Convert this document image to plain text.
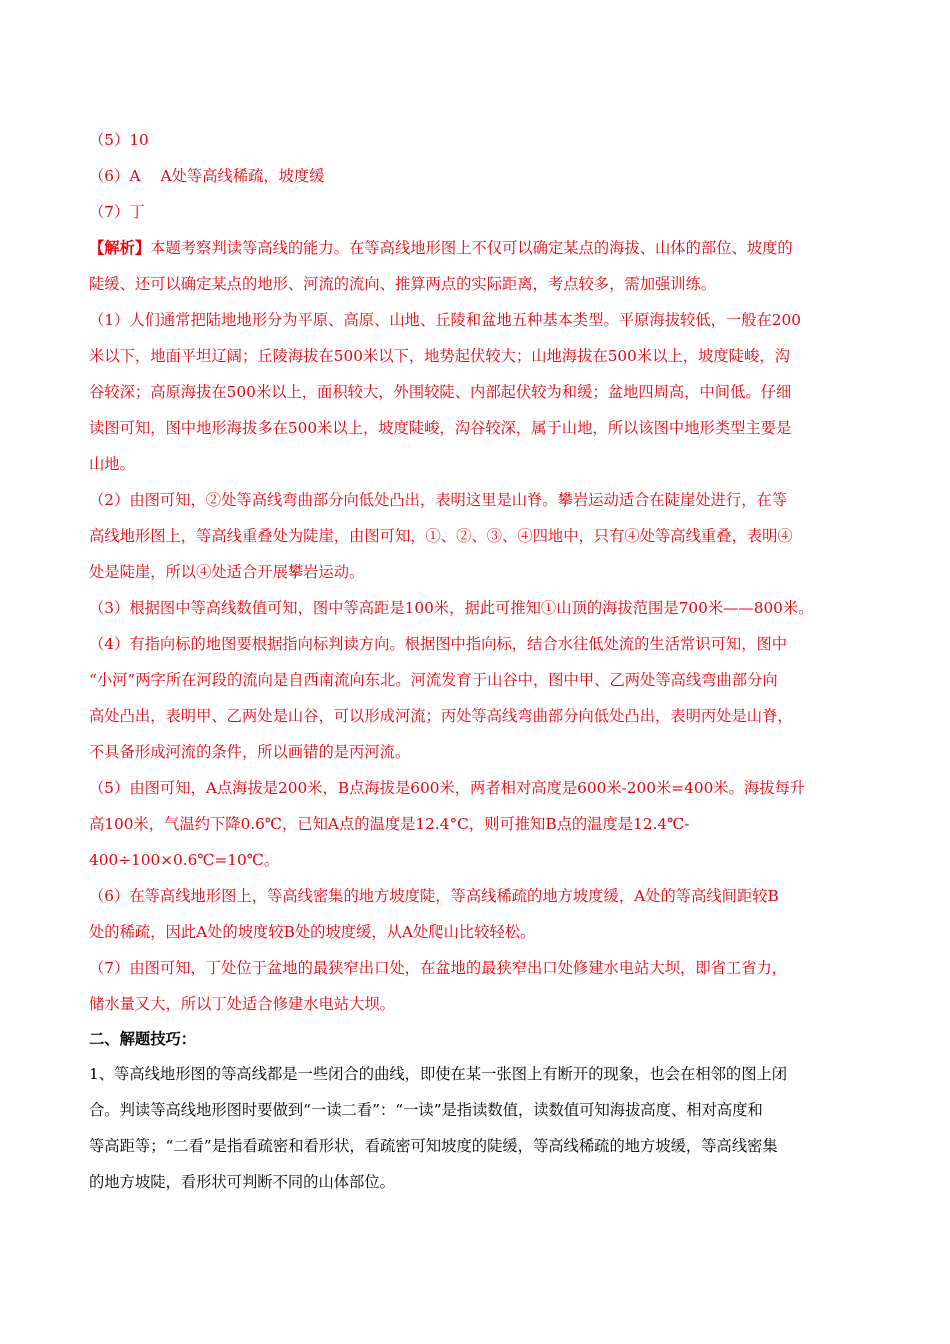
（5）10
（6）A　 A处等高线稀疏，坡度缓
（7）丁
【解析】本题考察判读等高线的能力。在等高线地形图上不仅可以确定某点的海拔、山体的部位、坡度的
陡缓、还可以确定某点的地形、河流的流向、推算两点的实际距离，考点较多，需加强训练。
（1）人们通常把陆地地形分为平原、高原、山地、丘陵和盆地五种基本类型。平原海拔较低，一般在200
米以下，地面平坦辽阔；丘陵海拔在500米以下，地势起伏较大；山地海拔在500米以上，坡度陡峻，沟
谷较深；高原海拔在500米以上，面积较大，外围较陡、内部起伏较为和缓；盆地四周高，中间低。仔细
读图可知，图中地形海拔多在500米以上，坡度陡峻，沟谷较深，属于山地，所以该图中地形类型主要是
山地。
（2）由图可知，②处等高线弯曲部分向低处凸出，表明这里是山脊。攀岩运动适合在陡崖处进行，在等
高线地形图上，等高线重叠处为陡崖，由图可知，①、②、③、④四地中，只有④处等高线重叠，表明④
处是陡崖，所以④处适合开展攀岩运动。
（3）根据图中等高线数值可知，图中等高距是100米，据此可推知①山顶的海拔范围是700米——800米。
（4）有指向标的地图要根据指向标判读方向。根据图中指向标，结合水往低处流的生活常识可知，图中
“小河”两字所在河段的流向是自西南流向东北。河流发育于山谷中，图中甲、乙两处等高线弯曲部分向
高处凸出，表明甲、乙两处是山谷，可以形成河流；丙处等高线弯曲部分向低处凸出，表明丙处是山脊，
不具备形成河流的条件，所以画错的是丙河流。
（5）由图可知，A点海拔是200米，B点海拔是600米，两者相对高度是600米-200米=400米。海拔每升
高100米，气温约下降0.6℃，已知A点的温度是12.4°C，则可推知B点的温度是12.4℃-
400÷100×0.6℃=10℃。
（6）在等高线地形图上，等高线密集的地方坡度陡，等高线稀疏的地方坡度缓，A处的等高线间距较B
处的稀疏，因此A处的坡度较B处的坡度缓，从A处爬山比较轻松。
（7）由图可知，丁处位于盆地的最狭窄出口处，在盆地的最狭窄出口处修建水电站大坝，即省工省力，
储水量又大，所以丁处适合修建水电站大坝。
二、解题技巧：
1、等高线地形图的等高线都是一些闭合的曲线，即使在某一张图上有断开的现象，也会在相邻的图上闭
合。判读等高线地形图时要做到“一读二看”：“一读”是指读数值，读数值可知海拔高度、相对高度和
等高距等；“二看”是指看疏密和看形状，看疏密可知坡度的陡缓，等高线稀疏的地方坡缓，等高线密集
的地方坡陡，看形状可判断不同的山体部位。
